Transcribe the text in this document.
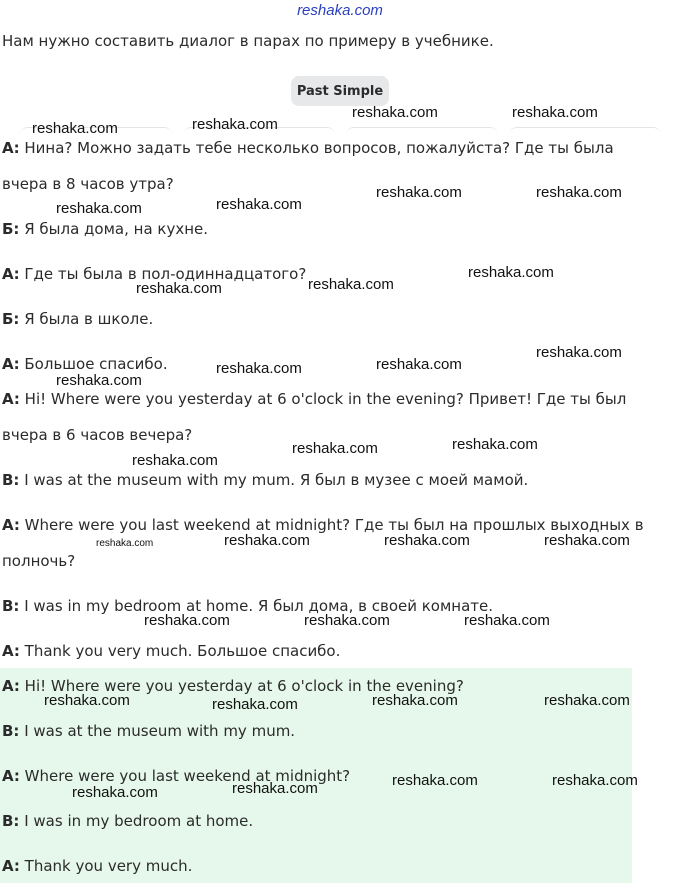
reshaka.com
Нам нужно составить диалог в парах по примеру в учебнике.
Past Simple
А: Нина? Можно задать тебе несколько вопросов, пожалуйста? Где ты была
вчера в 8 часов утра?
Б: Я была дома, на кухне.
А: Где ты была в пол-одиннадцатого?
Б: Я была в школе.
А: Большое спасибо.
A: Hi! Where were you yesterday at 6 o'clock in the evening? Привет! Где ты был
вчера в 6 часов вечера?
B: I was at the museum with my mum. Я был в музее с моей мамой.
A: Where were you last weekend at midnight? Где ты был на прошлых выходных в
полночь?
B: I was in my bedroom at home. Я был дома, в своей комнате.
A: Thank you very much. Большое спасибо.
A: Hi! Where were you yesterday at 6 o'clock in the evening?
B: I was at the museum with my mum.
A: Where were you last weekend at midnight?
B: I was in my bedroom at home.
A: Thank you very much.
reshaka.com	reshaka.com
reshaka.com	reshaka.com
reshaka.com	reshaka.com
reshaka.com	reshaka.com
reshaka.com
reshaka.com
reshaka.com
reshaka.com
reshaka.com
reshaka.com
reshaka.com
reshaka.com
reshaka.com
reshaka.com
reshaka.com	reshaka.com	reshaka.com	reshaka.com
reshaka.com	reshaka.com	reshaka.com
reshaka.com	reshaka.com	reshaka.com	reshaka.com
reshaka.com	reshaka.com
reshaka.com
reshaka.com
